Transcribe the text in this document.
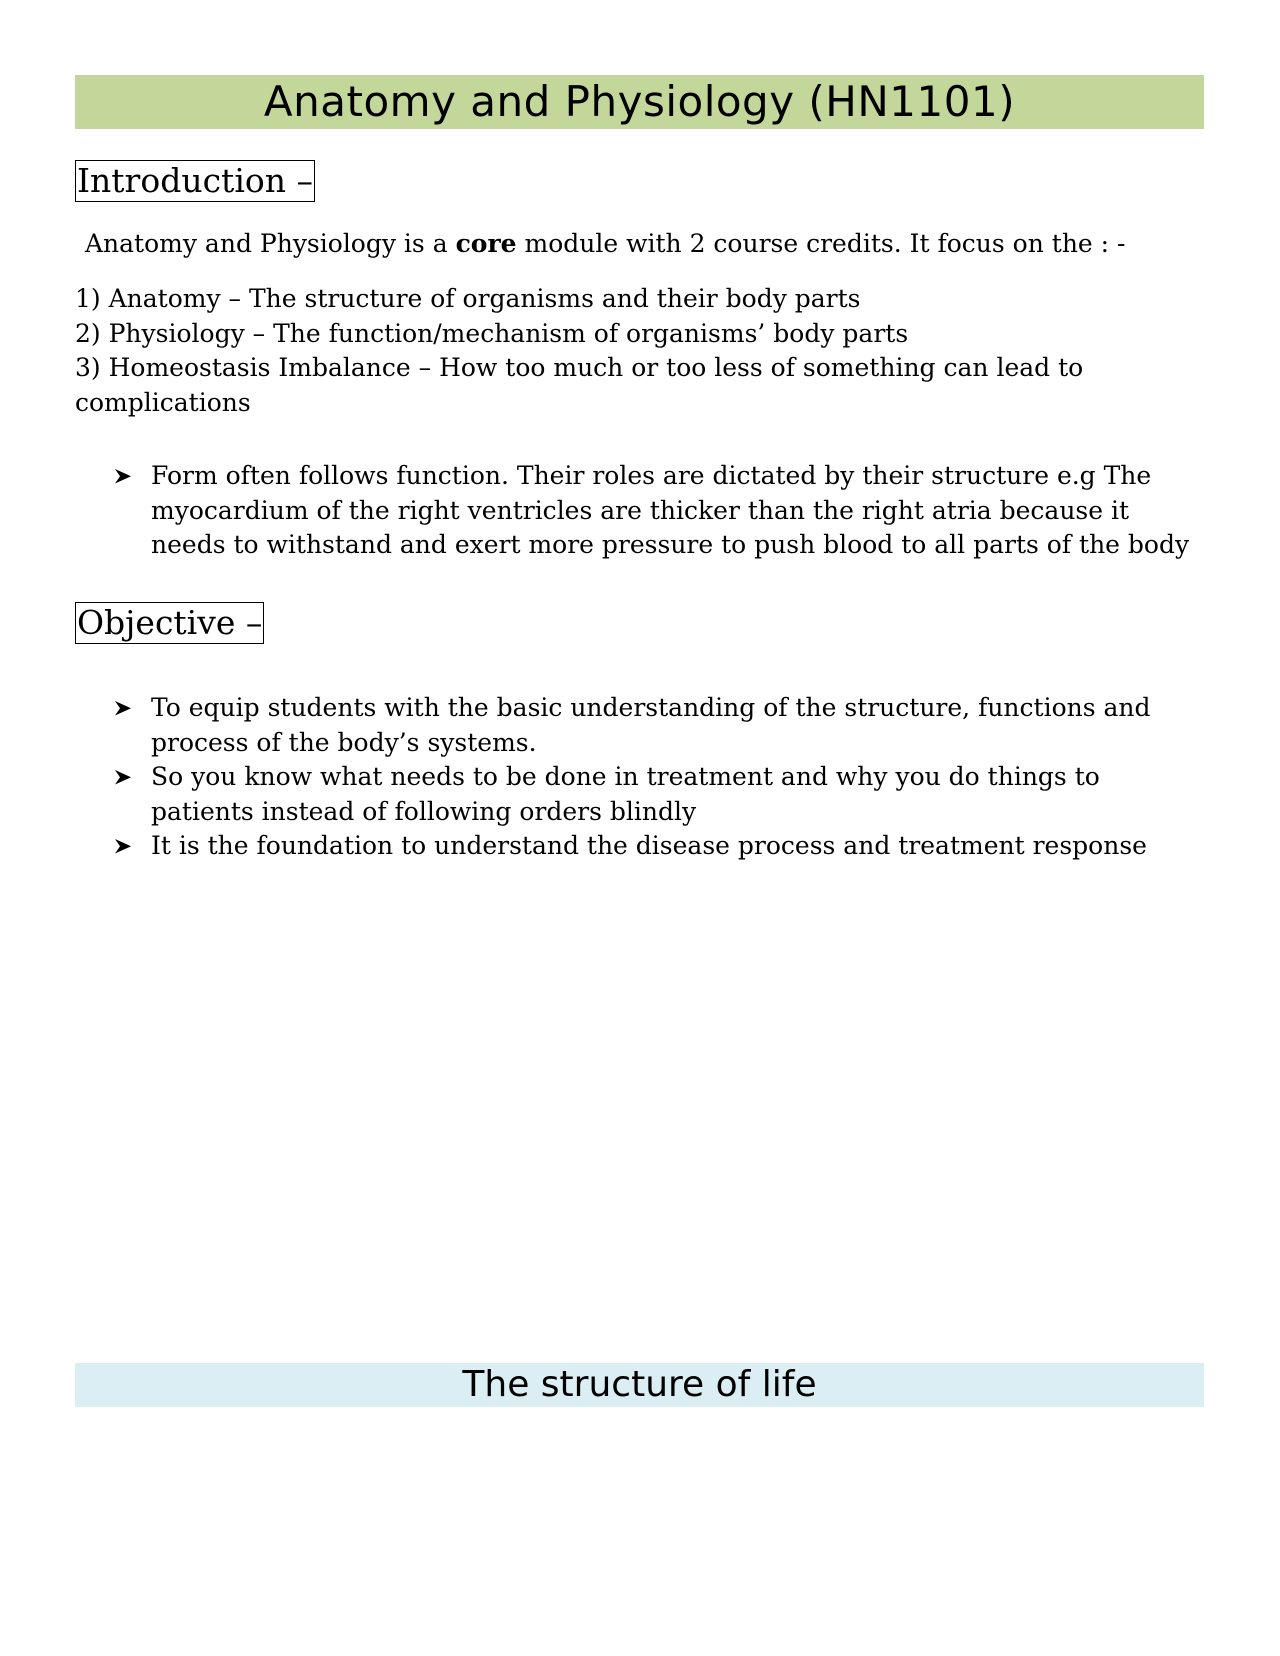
Anatomy and Physiology (HN1101)
Introduction –
Anatomy and Physiology is a core module with 2 course credits. It focus on the : -
1) Anatomy – The structure of organisms and their body parts
2) Physiology – The function/mechanism of organisms’ body parts
3) Homeostasis Imbalance – How too much or too less of something can lead to complications
Form often follows function. Their roles are dictated by their structure e.g The myocardium of the right ventricles are thicker than the right atria because it needs to withstand and exert more pressure to push blood to all parts of the body
Objective –
To equip students with the basic understanding of the structure, functions and process of the body’s systems.
So you know what needs to be done in treatment and why you do things to patients instead of following orders blindly
It is the foundation to understand the disease process and treatment response
The structure of life
